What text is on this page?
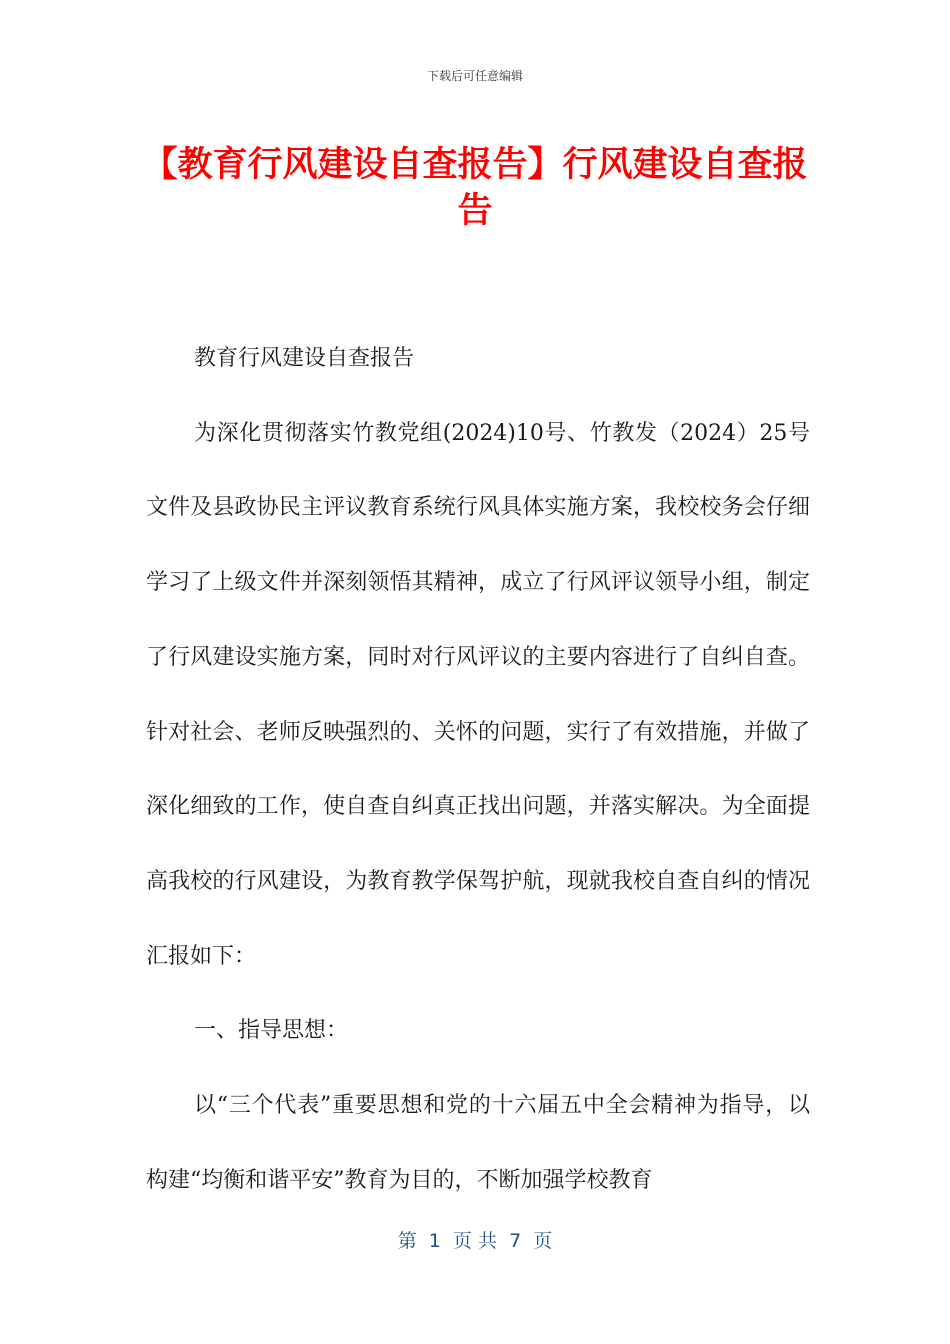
下载后可任意编辑
【教育行风建设自查报告】行风建设自查报告

教育行风建设自查报告

为深化贯彻落实竹教党组(2024)10号、竹教发（2024）25号文件及县政协民主评议教育系统行风具体实施方案，我校校务会仔细学习了上级文件并深刻领悟其精神，成立了行风评议领导小组，制定了行风建设实施方案，同时对行风评议的主要内容进行了自纠自查。针对社会、老师反映强烈的、关怀的问题，实行了有效措施，并做了深化细致的工作，使自查自纠真正找出问题，并落实解决。为全面提高我校的行风建设，为教育教学保驾护航，现就我校自查自纠的情况汇报如下：

一、指导思想：

以“三个代表”重要思想和党的十六届五中全会精神为指导，以构建“均衡和谐平安”教育为目的，不断加强学校教育

第  1  页 共  7  页
